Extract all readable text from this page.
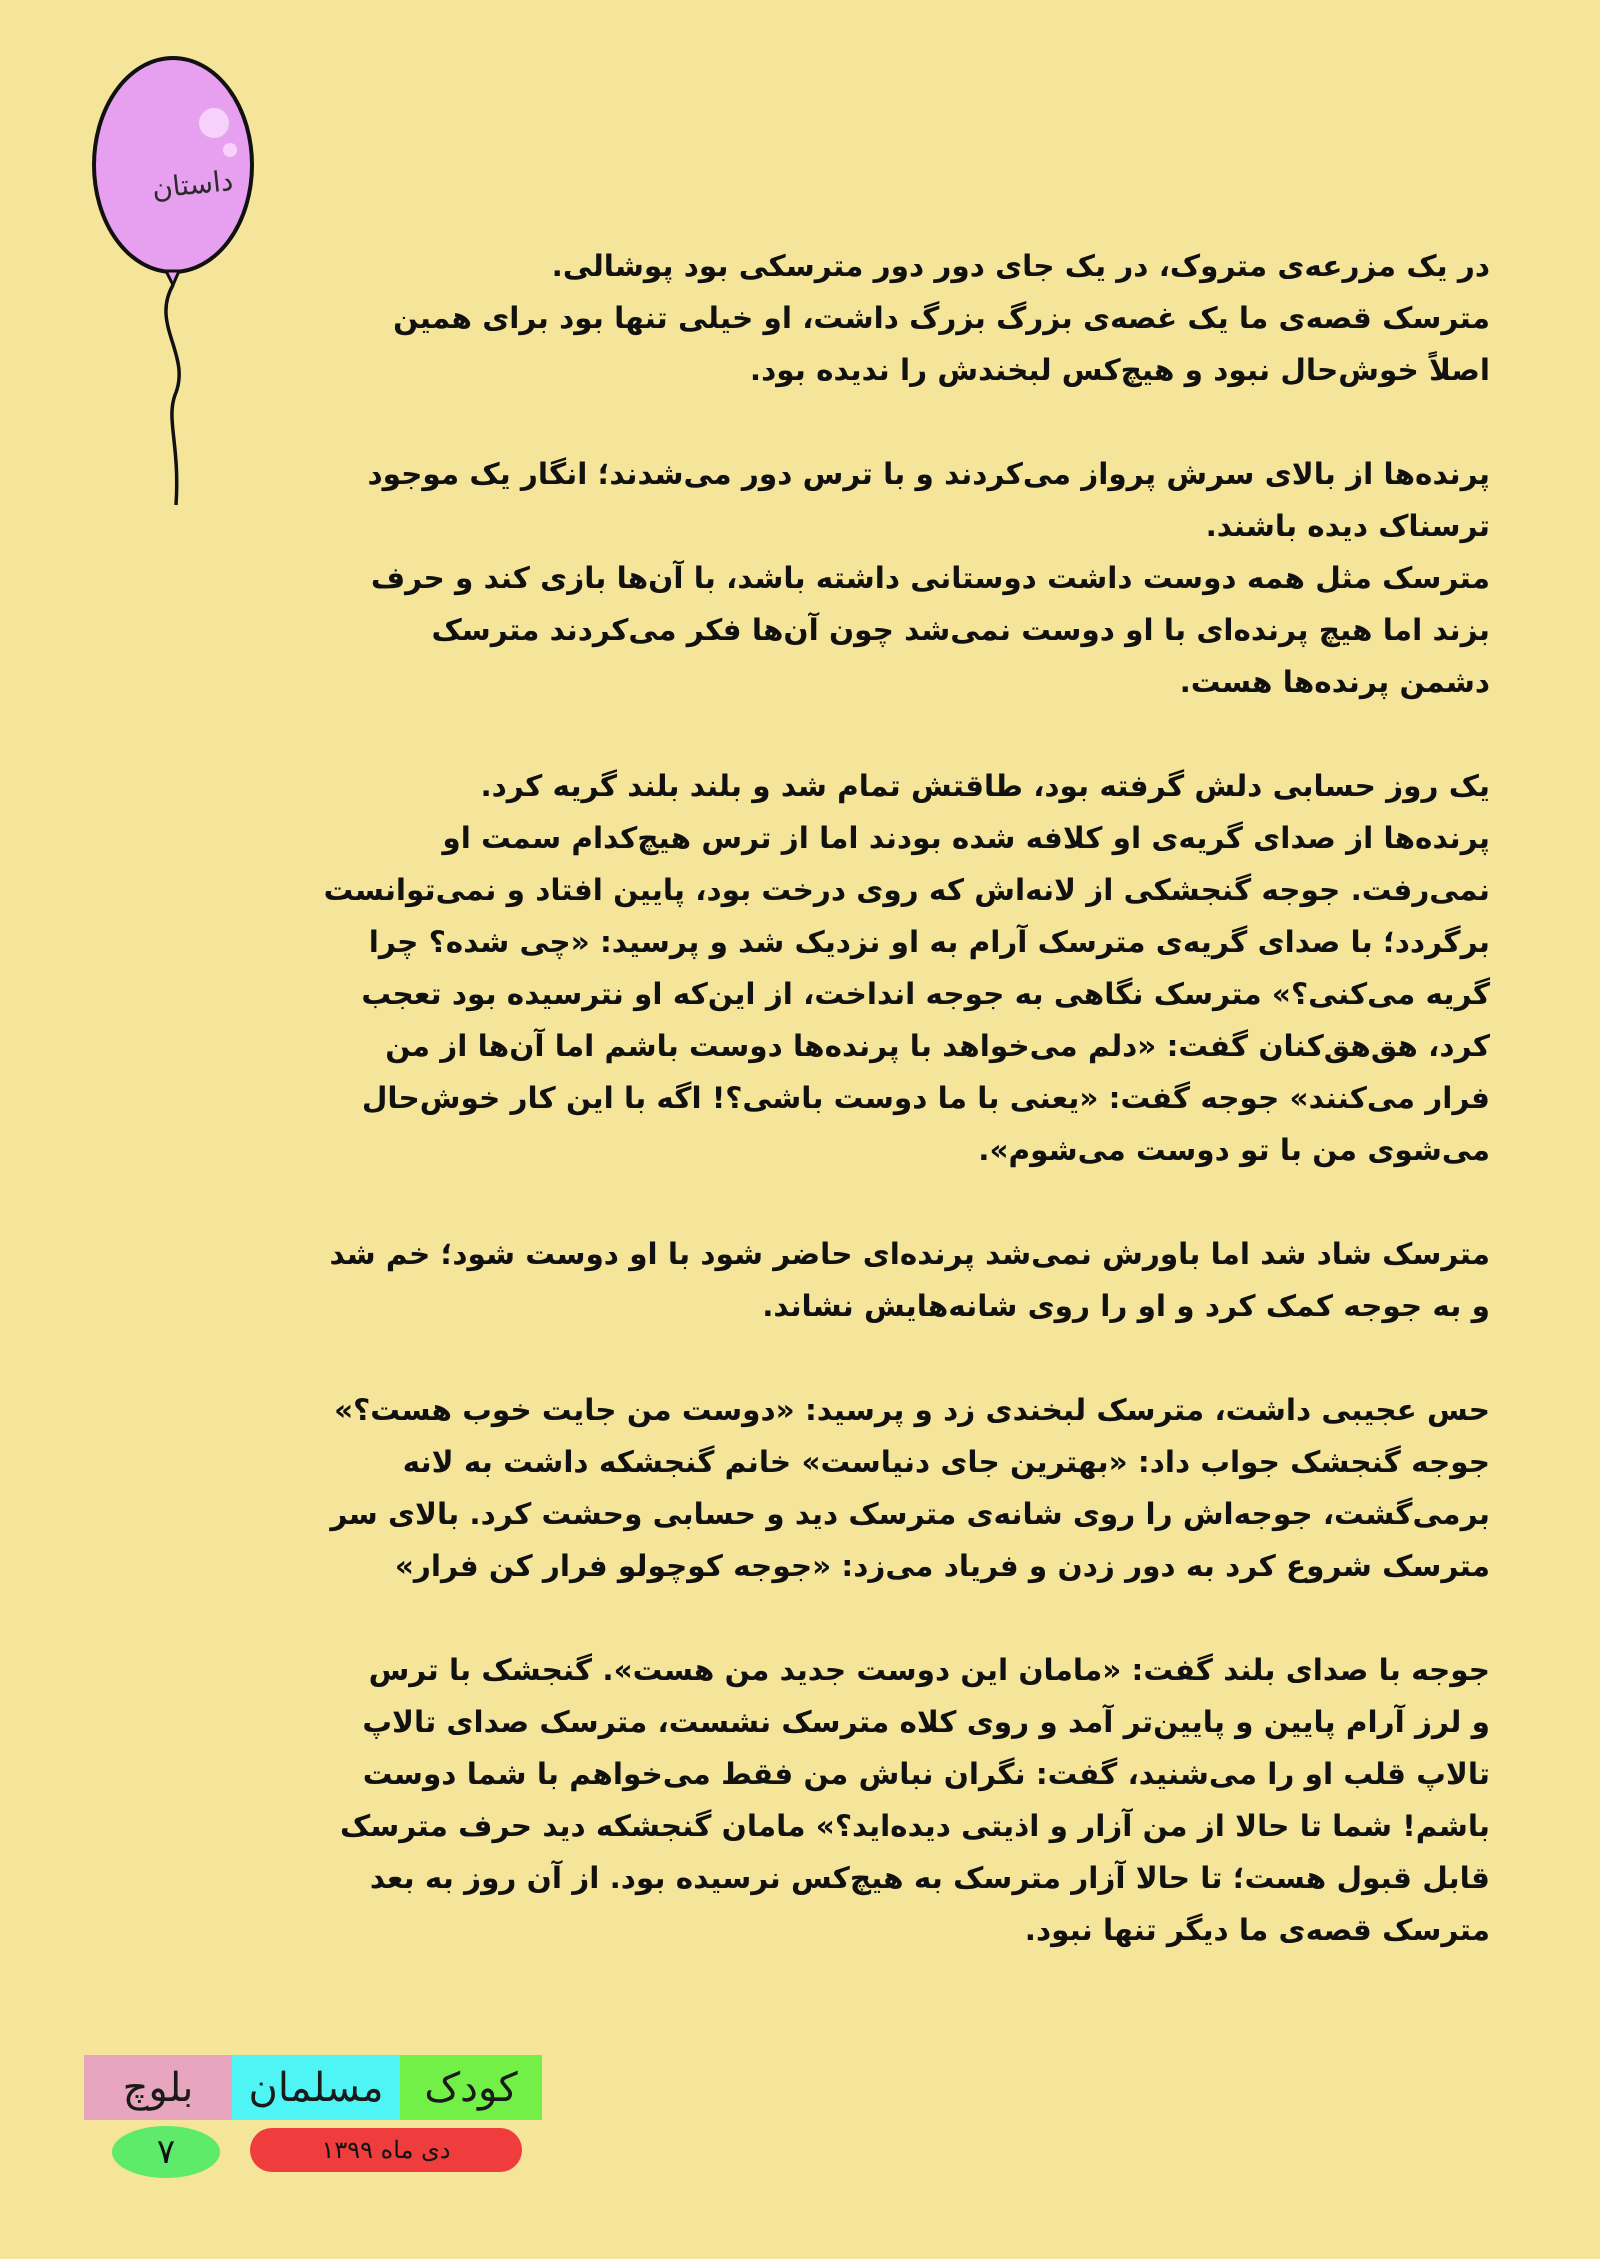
داستان

در یک مزرعه‌ی متروک، در یک جای دور دور مترسکی بود پوشالی.
مترسک قصه‌ی ما یک غصه‌ی بزرگ بزرگ داشت، او خیلی تنها بود برای همین
اصلاً خوش‌حال نبود و هیچ‌کس لبخندش را ندیده بود.

پرنده‌ها از بالای سرش پرواز می‌کردند و با ترس دور می‌شدند؛ انگار یک موجود
ترسناک دیده باشند.
مترسک مثل همه دوست داشت دوستانی داشته باشد، با آن‌ها بازی کند و حرف
بزند اما هیچ پرنده‌ای با او دوست نمی‌شد چون آن‌ها فکر می‌کردند مترسک
دشمن پرنده‌ها هست.

یک روز حسابی دلش گرفته بود، طاقتش تمام شد و بلند بلند گریه کرد.
پرنده‌ها از صدای گریه‌ی او کلافه شده بودند اما از ترس هیچ‌کدام سمت او
نمی‌رفت. جوجه گنجشکی از لانه‌اش که روی درخت بود، پایین افتاد و نمی‌توانست
برگردد؛ با صدای گریه‌ی مترسک آرام به او نزدیک شد و پرسید: «چی شده؟ چرا
گریه می‌کنی؟» مترسک نگاهی به جوجه انداخت، از این‌که او نترسیده بود تعجب
کرد، هق‌هق‌کنان گفت: «دلم می‌خواهد با پرنده‌ها دوست باشم اما آن‌ها از من
فرار می‌کنند» جوجه گفت: «یعنی با ما دوست باشی؟! اگه با این کار خوش‌حال
می‌شوی من با تو دوست می‌شوم».

مترسک شاد شد اما باورش نمی‌شد پرنده‌ای حاضر شود با او دوست شود؛ خم شد
و به جوجه کمک کرد و او را روی شانه‌هایش نشاند.

حس عجیبی داشت، مترسک لبخندی زد و پرسید: «دوست من جایت خوب هست؟»
جوجه گنجشک جواب داد: «بهترین جای دنیاست» خانم گنجشکه داشت به لانه
برمی‌گشت، جوجه‌اش را روی شانه‌ی مترسک دید و حسابی وحشت کرد. بالای سر
مترسک شروع کرد به دور زدن و فریاد می‌زد: «جوجه کوچولو فرار کن فرار»

جوجه با صدای بلند گفت: «مامان این دوست جدید من هست». گنجشک با ترس
و لرز آرام پایین و پایین‌تر آمد و روی کلاه مترسک نشست، مترسک صدای تالاپ
تالاپ قلب او را می‌شنید، گفت: نگران نباش من فقط می‌خواهم با شما دوست
باشم! شما تا حالا از من آزار و اذیتی دیده‌اید؟» مامان گنجشکه دید حرف مترسک
قابل قبول هست؛ تا حالا آزار مترسک به هیچ‌کس نرسیده بود. از آن روز به بعد
مترسک قصه‌ی ما دیگر تنها نبود.

بلوچ	مسلمان	کودک
۷	دی ماه ۱۳۹۹
